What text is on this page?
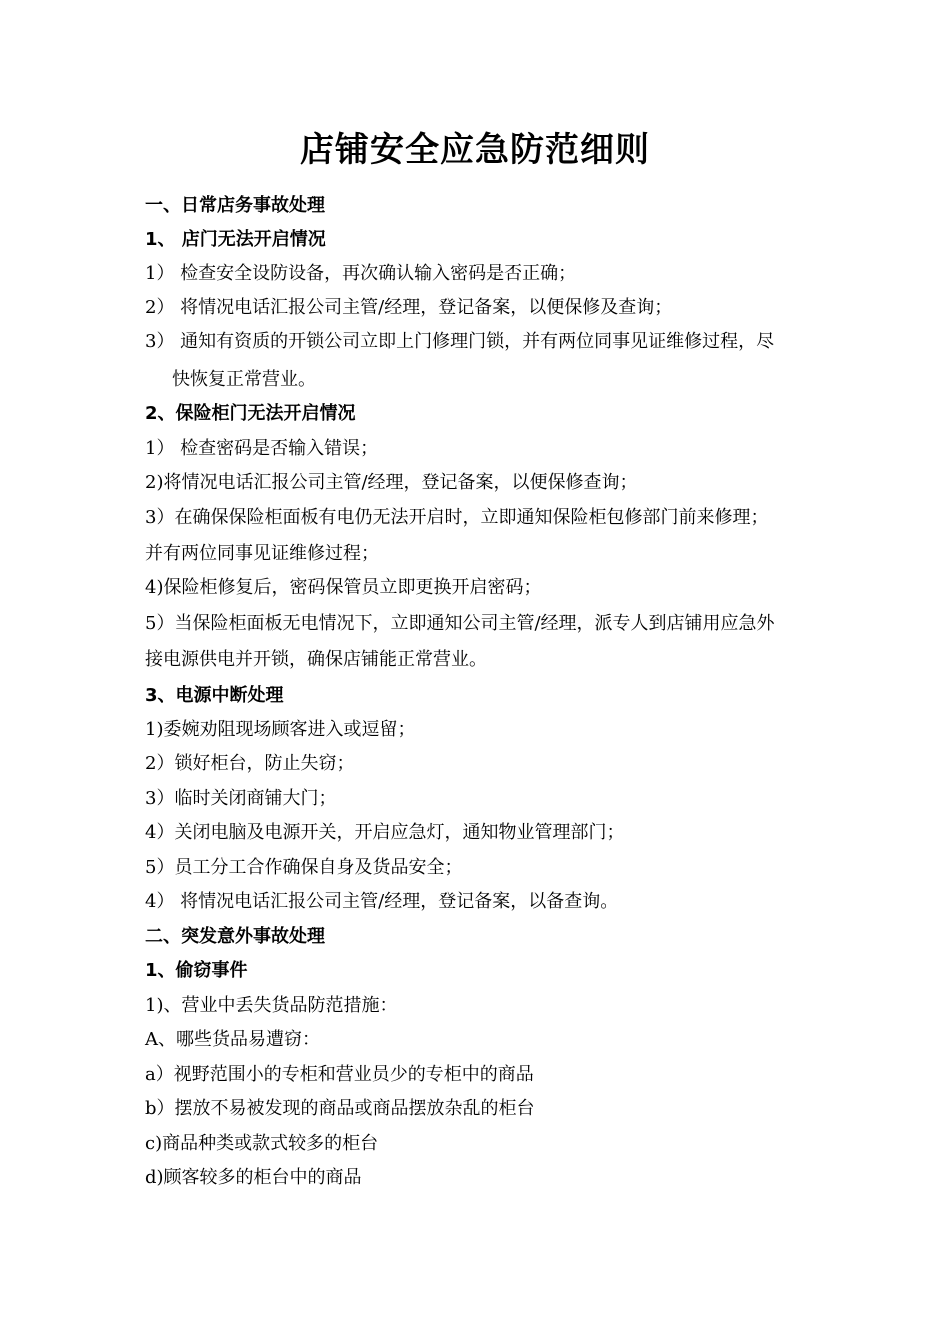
店铺安全应急防范细则
一、日常店务事故处理
1、 店门无法开启情况
1） 检查安全设防设备，再次确认输入密码是否正确；
2） 将情况电话汇报公司主管/经理，登记备案，以便保修及查询；
3） 通知有资质的开锁公司立即上门修理门锁，并有两位同事见证维修过程，尽
快恢复正常营业。
2、保险柜门无法开启情况
1） 检查密码是否输入错误；
2)将情况电话汇报公司主管/经理，登记备案，以便保修查询；
3）在确保保险柜面板有电仍无法开启时，立即通知保险柜包修部门前来修理；
并有两位同事见证维修过程；
4)保险柜修复后，密码保管员立即更换开启密码；
5）当保险柜面板无电情况下，立即通知公司主管/经理，派专人到店铺用应急外
接电源供电并开锁，确保店铺能正常营业。
3、电源中断处理
1)委婉劝阻现场顾客进入或逗留；
2）锁好柜台，防止失窃；
3）临时关闭商铺大门；
4）关闭电脑及电源开关，开启应急灯，通知物业管理部门；
5）员工分工合作确保自身及货品安全；
4） 将情况电话汇报公司主管/经理，登记备案，以备查询。
二、突发意外事故处理
1、偷窃事件
1)、营业中丢失货品防范措施：
A、哪些货品易遭窃：
a）视野范围小的专柜和营业员少的专柜中的商品
b）摆放不易被发现的商品或商品摆放杂乱的柜台
c)商品种类或款式较多的柜台
d)顾客较多的柜台中的商品
